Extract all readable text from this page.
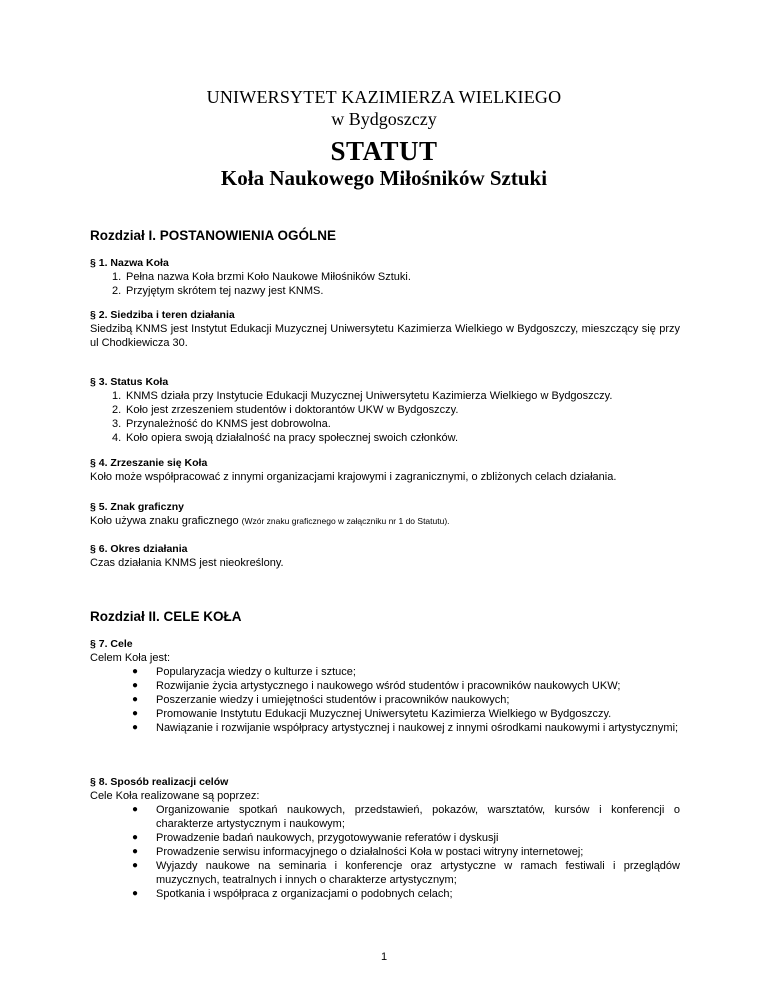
UNIWERSYTET KAZIMIERZA WIELKIEGO
w Bydgoszczy
STATUT
Koła Naukowego Miłośników Sztuki
Rozdział I. POSTANOWIENIA OGÓLNE
§ 1. Nazwa Koła
1. Pełna nazwa Koła brzmi Koło Naukowe Miłośników Sztuki.
2. Przyjętym skrótem tej nazwy jest KNMS.
§ 2. Siedziba i teren działania
Siedzibą KNMS jest Instytut Edukacji Muzycznej Uniwersytetu Kazimierza Wielkiego w Bydgoszczy, mieszczący się przy ul Chodkiewicza 30.
§ 3. Status Koła
1. KNMS działa przy Instytucie Edukacji Muzycznej Uniwersytetu Kazimierza Wielkiego w Bydgoszczy.
2. Koło jest zrzeszeniem studentów i doktorantów UKW w Bydgoszczy.
3. Przynależność do KNMS jest dobrowolna.
4. Koło opiera swoją działalność na pracy społecznej swoich członków.
§ 4. Zrzeszanie się Koła
Koło może współpracować z innymi organizacjami krajowymi i zagranicznymi, o zbliżonych celach działania.
§ 5. Znak graficzny
Koło używa znaku graficznego (Wzór znaku graficznego w załączniku nr 1 do Statutu).
§ 6. Okres działania
Czas działania KNMS jest nieokreślony.
Rozdział II. CELE KOŁA
§ 7. Cele
Celem Koła jest:
● Popularyzacja wiedzy o kulturze i sztuce;
● Rozwijanie życia artystycznego i naukowego wśród studentów i pracowników naukowych UKW;
● Poszerzanie wiedzy i umiejętności studentów i pracowników naukowych;
● Promowanie Instytutu Edukacji Muzycznej Uniwersytetu Kazimierza Wielkiego w Bydgoszczy.
● Nawiązanie i rozwijanie współpracy artystycznej i naukowej z innymi ośrodkami naukowymi i artystycznymi;
§ 8. Sposób realizacji celów
Cele Koła realizowane są poprzez:
● Organizowanie spotkań naukowych, przedstawień, pokazów, warsztatów, kursów i konferencji o charakterze artystycznym i naukowym;
● Prowadzenie badań naukowych, przygotowywanie referatów i dyskusji
● Prowadzenie serwisu informacyjnego o działalności Koła w postaci witryny internetowej;
● Wyjazdy naukowe na seminaria i konferencje oraz artystyczne w ramach festiwali i przeglądów muzycznych, teatralnych i innych o charakterze artystycznym;
● Spotkania i współpraca z organizacjami o podobnych celach;
1
